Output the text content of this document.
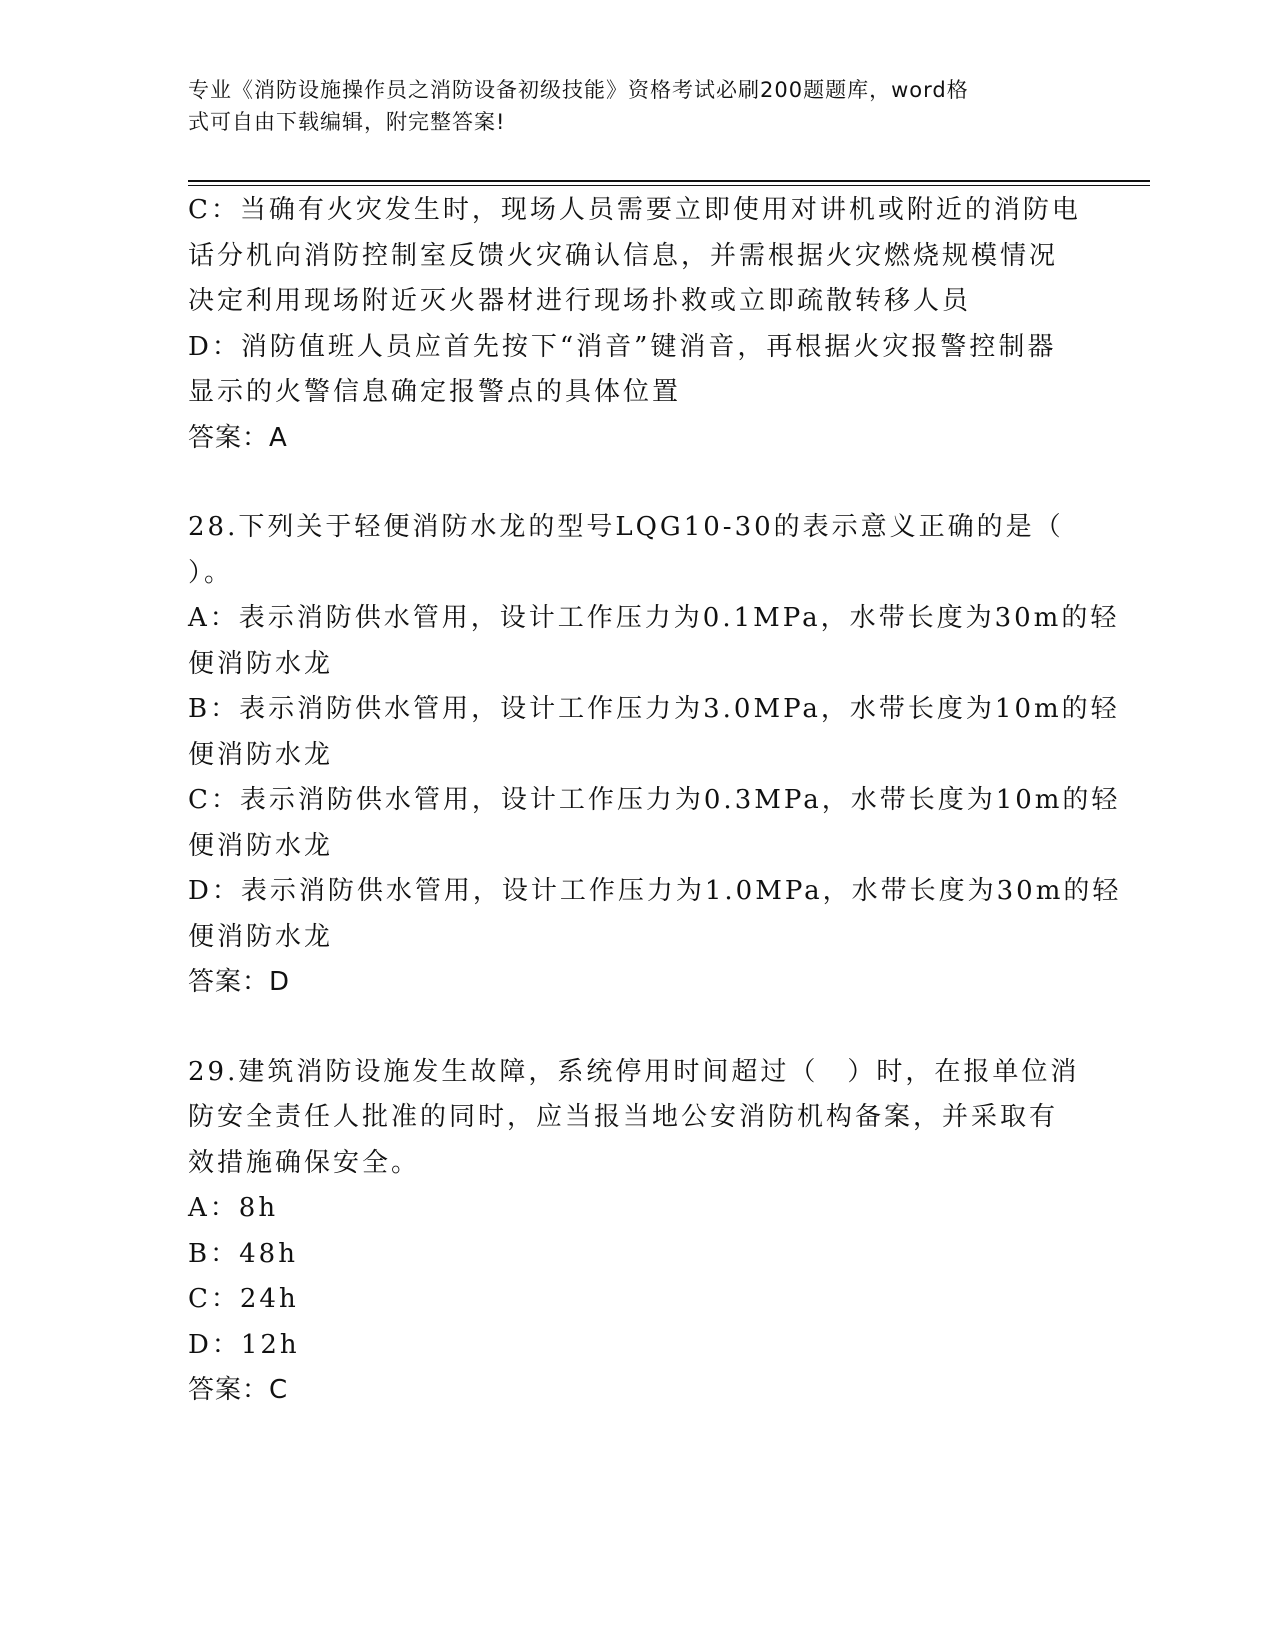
专业《消防设施操作员之消防设备初级技能》资格考试必刷200题题库，word格
式可自由下载编辑，附完整答案!
C：当确有火灾发生时，现场人员需要立即使用对讲机或附近的消防电
话分机向消防控制室反馈火灾确认信息，并需根据火灾燃烧规模情况
决定利用现场附近灭火器材进行现场扑救或立即疏散转移人员
D：消防值班人员应首先按下“消音”键消音，再根据火灾报警控制器
显示的火警信息确定报警点的具体位置
答案：A
28.下列关于轻便消防水龙的型号LQG10-30的表示意义正确的是（
）。
A：表示消防供水管用，设计工作压力为0.1MPa，水带长度为30m的轻
便消防水龙
B：表示消防供水管用，设计工作压力为3.0MPa，水带长度为10m的轻
便消防水龙
C：表示消防供水管用，设计工作压力为0.3MPa，水带长度为10m的轻
便消防水龙
D：表示消防供水管用，设计工作压力为1.0MPa，水带长度为30m的轻
便消防水龙
答案：D
29.建筑消防设施发生故障，系统停用时间超过（　）时，在报单位消
防安全责任人批准的同时，应当报当地公安消防机构备案，并采取有
效措施确保安全。
A：8h
B：48h
C：24h
D：12h
答案：C
